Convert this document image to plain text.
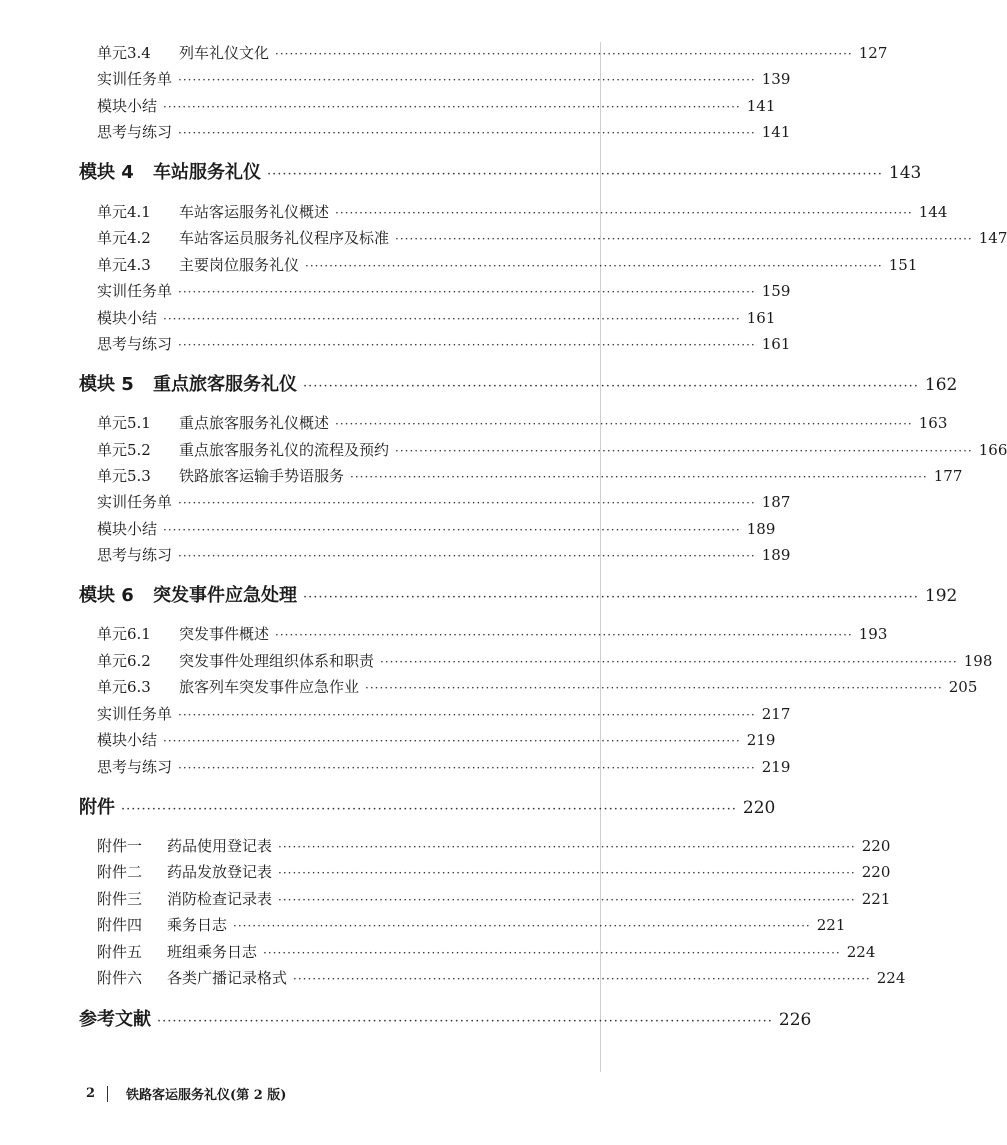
单元3.4 列车礼仪文化 ························································································································ 127
实训任务单 ························································································································ 139
模块小结 ························································································································ 141
思考与练习 ························································································································ 141
模块 4 车站服务礼仪 ························································································································ 143
单元4.1 车站客运服务礼仪概述 ························································································································ 144
单元4.2 车站客运员服务礼仪程序及标准 ························································································································ 147
单元4.3 主要岗位服务礼仪 ························································································································ 151
实训任务单 ························································································································ 159
模块小结 ························································································································ 161
思考与练习 ························································································································ 161
模块 5 重点旅客服务礼仪 ························································································································ 162
单元5.1 重点旅客服务礼仪概述 ························································································································ 163
单元5.2 重点旅客服务礼仪的流程及预约 ························································································································ 166
单元5.3 铁路旅客运输手势语服务 ························································································································ 177
实训任务单 ························································································································ 187
模块小结 ························································································································ 189
思考与练习 ························································································································ 189
模块 6 突发事件应急处理 ························································································································ 192
单元6.1 突发事件概述 ························································································································ 193
单元6.2 突发事件处理组织体系和职责 ························································································································ 198
单元6.3 旅客列车突发事件应急作业 ························································································································ 205
实训任务单 ························································································································ 217
模块小结 ························································································································ 219
思考与练习 ························································································································ 219
附件 ························································································································ 220
附件一 药品使用登记表 ························································································································ 220
附件二 药品发放登记表 ························································································································ 220
附件三 消防检查记录表 ························································································································ 221
附件四 乘务日志 ························································································································ 221
附件五 班组乘务日志 ························································································································ 224
附件六 各类广播记录格式 ························································································································ 224
参考文献 ························································································································ 226
2 铁路客运服务礼仪(第 2 版)
